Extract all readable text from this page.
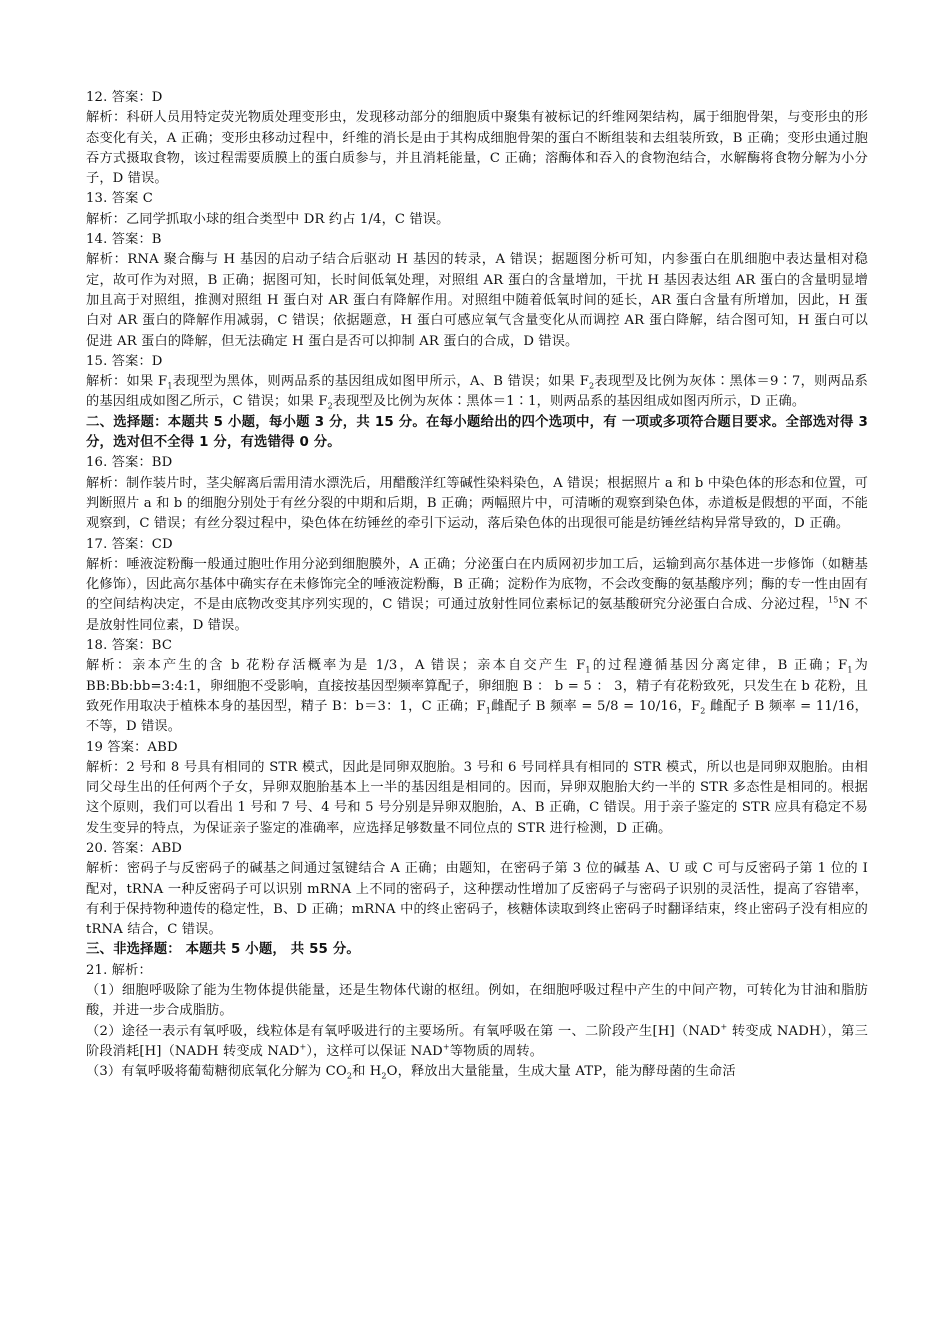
12. 答案：D
解析：科研人员用特定荧光物质处理变形虫，发现移动部分的细胞质中聚集有被标记的纤维网架结构，属于细胞骨架，与变形虫的形态变化有关，A 正确；变形虫移动过程中，纤维的消长是由于其构成细胞骨架的蛋白不断组装和去组装所致，B 正确；变形虫通过胞吞方式摄取食物，该过程需要质膜上的蛋白质参与，并且消耗能量，C 正确；溶酶体和吞入的食物泡结合，水解酶将食物分解为小分子，D 错误。
13. 答案 C
解析：乙同学抓取小球的组合类型中 DR 约占 1/4，C 错误。
14. 答案：B
解析：RNA 聚合酶与 H 基因的启动子结合后驱动 H 基因的转录，A 错误；据题图分析可知，内参蛋白在肌细胞中表达量相对稳定，故可作为对照，B 正确；据图可知，长时间低氧处理，对照组 AR 蛋白的含量增加，干扰 H 基因表达组 AR 蛋白的含量明显增加且高于对照组，推测对照组 H 蛋白对 AR 蛋白有降解作用。对照组中随着低氧时间的延长，AR 蛋白含量有所增加，因此，H 蛋白对 AR 蛋白的降解作用减弱，C 错误；依据题意，H 蛋白可感应氧气含量变化从而调控 AR 蛋白降解，结合图可知，H 蛋白可以促进 AR 蛋白的降解，但无法确定 H 蛋白是否可以抑制 AR 蛋白的合成，D 错误。
15. 答案：D
解析：如果 $F_1$表现型为黑体，则两品系的基因组成如图甲所示，A、B 错误；如果 $F_2$表现型及比例为灰体∶黑体＝9∶7，则两品系的基因组成如图乙所示，C 错误；如果 $F_2$表现型及比例为灰体∶黑体＝1∶1，则两品系的基因组成如图丙所示，D 正确。
二、选择题：本题共 5 小题，每小题 3 分，共 15 分。在每小题给出的四个选项中，有 一项或多项符合题目要求。全部选对得 3 分，选对但不全得 1 分，有选错得 0 分。
16. 答案：BD
解析：制作装片时，茎尖解离后需用清水漂洗后，用醋酸洋红等碱性染料染色，A 错误；根据照片 a 和 b 中染色体的形态和位置，可判断照片 a 和 b 的细胞分别处于有丝分裂的中期和后期，B 正确；两幅照片中，可清晰的观察到染色体，赤道板是假想的平面，不能观察到，C 错误；有丝分裂过程中，染色体在纺锤丝的牵引下运动，落后染色体的出现很可能是纺锤丝结构异常导致的，D 正确。
17. 答案：CD
解析：唾液淀粉酶一般通过胞吐作用分泌到细胞膜外，A 正确；分泌蛋白在内质网初步加工后，运输到高尔基体进一步修饰（如糖基化修饰），因此高尔基体中确实存在未修饰完全的唾液淀粉酶，B 正确；淀粉作为底物，不会改变酶的氨基酸序列；酶的专一性由固有的空间结构决定，不是由底物改变其序列实现的，C 错误；可通过放射性同位素标记的氨基酸研究分泌蛋白合成、分泌过程，$^{15}$N 不是放射性同位素，D 错误。
18. 答案：BC
解析：亲本产生的含 b 花粉存活概率为是 1/3，A 错误；亲本自交产生 $F_1$的过程遵循基因分离定律，B 正确；$F_1$为 BB:Bb:bb=3:4:1，卵细胞不受影响，直接按基因型频率算配子，卵细胞 B ： b = 5 ： 3，精子有花粉致死，只发生在 b 花粉，且致死作用取决于植株本身的基因型，精子 B：b＝3：1，C 正确；$F_1$雌配子 B 频率 = 5/8 = 10/16，$F_2$ 雌配子 B 频率 = 11/16，不等，D 错误。
19 答案：ABD
解析：2 号和 8 号具有相同的 STR 模式，因此是同卵双胞胎。3 号和 6 号同样具有相同的 STR 模式，所以也是同卵双胞胎。由相同父母生出的任何两个子女，异卵双胞胎基本上一半的基因组是相同的。因而，异卵双胞胎大约一半的 STR 多态性是相同的。根据这个原则，我们可以看出 1 号和 7 号、4 号和 5 号分别是异卵双胞胎，A、B 正确，C 错误。用于亲子鉴定的 STR 应具有稳定不易发生变异的特点，为保证亲子鉴定的准确率，应选择足够数量不同位点的 STR 进行检测，D 正确。
20. 答案：ABD
解析：密码子与反密码子的碱基之间通过氢键结合 A 正确；由题知，在密码子第 3 位的碱基 A、U 或 C 可与反密码子第 1 位的 I 配对，tRNA 一种反密码子可以识别 mRNA 上不同的密码子，这种摆动性增加了反密码子与密码子识别的灵活性，提高了容错率，有利于保持物种遗传的稳定性，B、D 正确；mRNA 中的终止密码子，核糖体读取到终止密码子时翻译结束，终止密码子没有相应的 tRNA 结合，C 错误。
三、非选择题： 本题共 5 小题， 共 55 分。
21. 解析：
（1）细胞呼吸除了能为生物体提供能量，还是生物体代谢的枢纽。例如，在细胞呼吸过程中产生的中间产物，可转化为甘油和脂肪酸，并进一步合成脂肪。
（2）途径一表示有氧呼吸，线粒体是有氧呼吸进行的主要场所。有氧呼吸在第 一、二阶段产生[H]（NAD+ 转变成 NADH），第三阶段消耗[H]（NADH 转变成 NAD+），这样可以保证 NAD+等物质的周转。
（3）有氧呼吸将葡萄糖彻底氧化分解为 $CO_2$和 $H_2O$，释放出大量能量，生成大量 ATP，能为酵母菌的生命活
